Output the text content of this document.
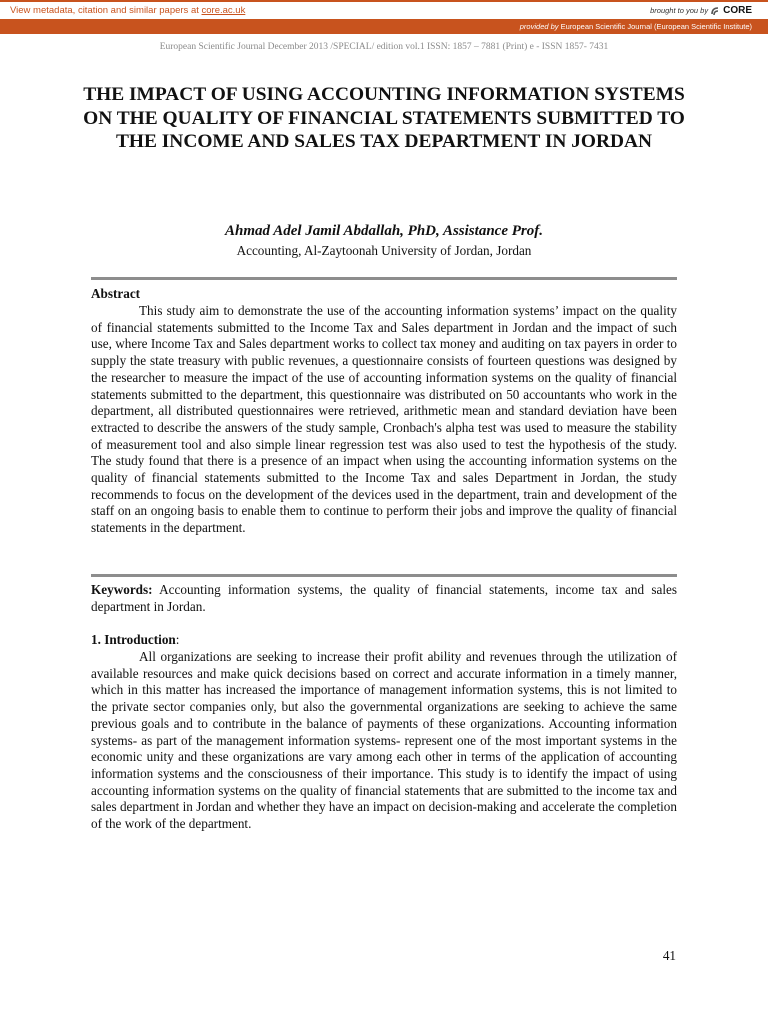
View metadata, citation and similar papers at core.ac.uk	brought to you by CORE
provided by European Scientific Journal (European Scientific Institute)
European Scientific Journal December 2013 /SPECIAL/ edition vol.1 ISSN: 1857 – 7881 (Print) e - ISSN 1857- 7431
THE IMPACT OF USING ACCOUNTING INFORMATION SYSTEMS ON THE QUALITY OF FINANCIAL STATEMENTS SUBMITTED TO THE INCOME AND SALES TAX DEPARTMENT IN JORDAN
Ahmad Adel Jamil Abdallah, PhD, Assistance Prof.
Accounting, Al-Zaytoonah University of Jordan, Jordan

Abstract

This study aim to demonstrate the use of the accounting information systems’ impact on the quality of financial statements submitted to the Income Tax and Sales department in Jordan and the impact of such use, where Income Tax and Sales department works to collect tax money and auditing on tax payers in order to supply the state treasury with public revenues, a questionnaire consists of fourteen questions was designed by the researcher to measure the impact of the use of accounting information systems on the quality of financial statements submitted to the department, this questionnaire was distributed on 50 accountants who work in the department, all distributed questionnaires were retrieved, arithmetic mean and standard deviation have been extracted to describe the answers of the study sample, Cronbach's alpha test was used to measure the stability of measurement tool and also simple linear regression test was also used to test the hypothesis of the study. The study found that there is a presence of an impact when using the accounting information systems on the quality of financial statements submitted to the Income Tax and sales Department in Jordan, the study recommends to focus on the development of the devices used in the department, train and development of the staff on an ongoing basis to enable them to continue to perform their jobs and improve the quality of financial statements in the department.

Keywords: Accounting information systems, the quality of financial statements, income tax and sales department in Jordan.

1. Introduction:

All organizations are seeking to increase their profit ability and revenues through the utilization of available resources and make quick decisions based on correct and accurate information in a timely manner, which in this matter has increased the importance of management information systems, this is not limited to the private sector companies only, but also the governmental organizations are seeking to achieve the same previous goals and to contribute in the balance of payments of these organizations. Accounting information systems- as part of the management information systems- represent one of the most important systems in the economic unity and these organizations are vary among each other in terms of the application of accounting information systems and the consciousness of their importance. This study is to identify the impact of using accounting information systems on the quality of financial statements that are submitted to the income tax and sales department in Jordan and whether they have an impact on decision-making and accelerate the completion of the work of the department.

41
